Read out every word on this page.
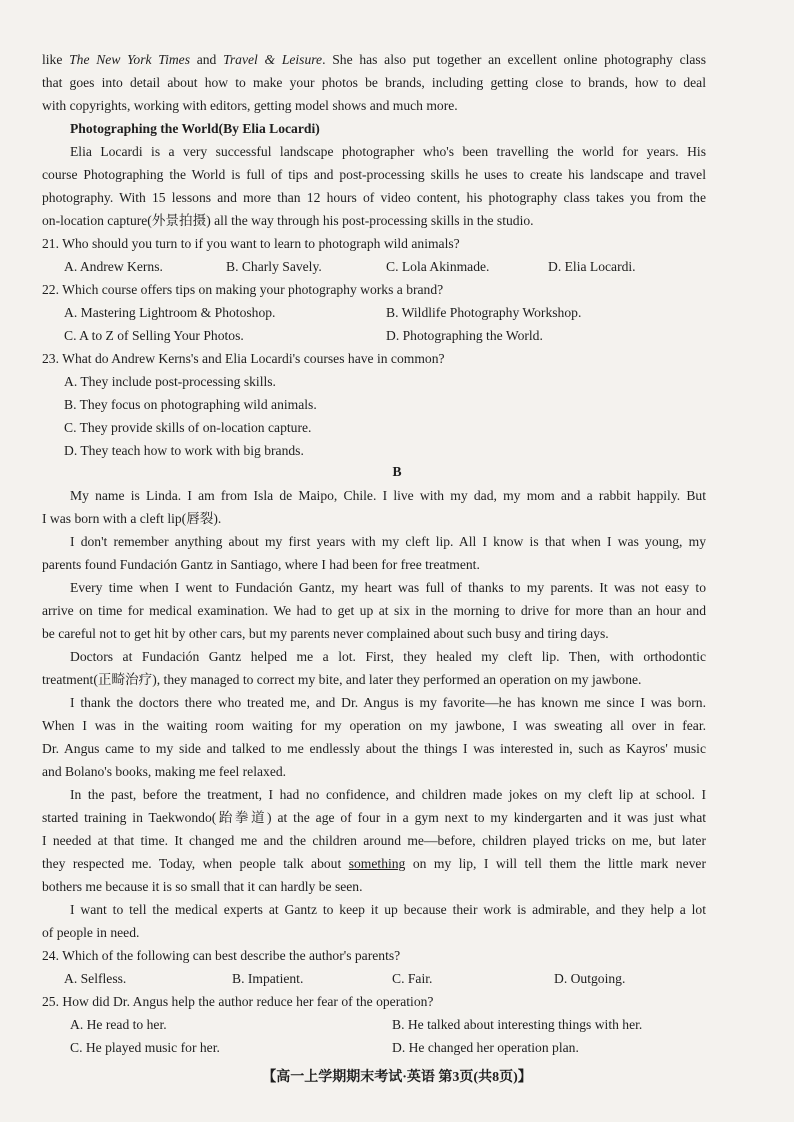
like The New York Times and Travel & Leisure. She has also put together an excellent online photography class
that goes into detail about how to make your photos be brands, including getting close to brands, how to deal
with copyrights, working with editors, getting model shows and much more.
Photographing the World(By Elia Locardi)
Elia Locardi is a very successful landscape photographer who's been travelling the world for years. His
course Photographing the World is full of tips and post-processing skills he uses to create his landscape and travel
photography. With 15 lessons and more than 12 hours of video content, his photography class takes you from the
on-location capture(外景拍摄) all the way through his post-processing skills in the studio.
21. Who should you turn to if you want to learn to photograph wild animals?
A. Andrew Kerns.	B. Charly Savely.	C. Lola Akinmade.	D. Elia Locardi.
22. Which course offers tips on making your photography works a brand?
A. Mastering Lightroom & Photoshop.	B. Wildlife Photography Workshop.
C. A to Z of Selling Your Photos.	D. Photographing the World.
23. What do Andrew Kerns's and Elia Locardi's courses have in common?
A. They include post-processing skills.
B. They focus on photographing wild animals.
C. They provide skills of on-location capture.
D. They teach how to work with big brands.
B
My name is Linda. I am from Isla de Maipo, Chile. I live with my dad, my mom and a rabbit happily. But
I was born with a cleft lip(唇裂).
I don't remember anything about my first years with my cleft lip. All I know is that when I was young, my
parents found Fundación Gantz in Santiago, where I had been for free treatment.
Every time when I went to Fundación Gantz, my heart was full of thanks to my parents. It was not easy to
arrive on time for medical examination. We had to get up at six in the morning to drive for more than an hour and
be careful not to get hit by other cars, but my parents never complained about such busy and tiring days.
Doctors at Fundación Gantz helped me a lot. First, they healed my cleft lip. Then, with orthodontic
treatment(正畸治疗), they managed to correct my bite, and later they performed an operation on my jawbone.
I thank the doctors there who treated me, and Dr. Angus is my favorite—he has known me since I was born.
When I was in the waiting room waiting for my operation on my jawbone, I was sweating all over in fear.
Dr. Angus came to my side and talked to me endlessly about the things I was interested in, such as Kayros' music
and Bolano's books, making me feel relaxed.
In the past, before the treatment, I had no confidence, and children made jokes on my cleft lip at school. I
started training in Taekwondo(跆拳道) at the age of four in a gym next to my kindergarten and it was just what
I needed at that time. It changed me and the children around me—before, children played tricks on me, but later
they respected me. Today, when people talk about something on my lip, I will tell them the little mark never
bothers me because it is so small that it can hardly be seen.
I want to tell the medical experts at Gantz to keep it up because their work is admirable, and they help a lot
of people in need.
24. Which of the following can best describe the author's parents?
A. Selfless.	B. Impatient.	C. Fair.	D. Outgoing.
25. How did Dr. Angus help the author reduce her fear of the operation?
A. He read to her.	B. He talked about interesting things with her.
C. He played music for her.	D. He changed her operation plan.
【高一上学期期末考试·英语 第3页(共8页)】
